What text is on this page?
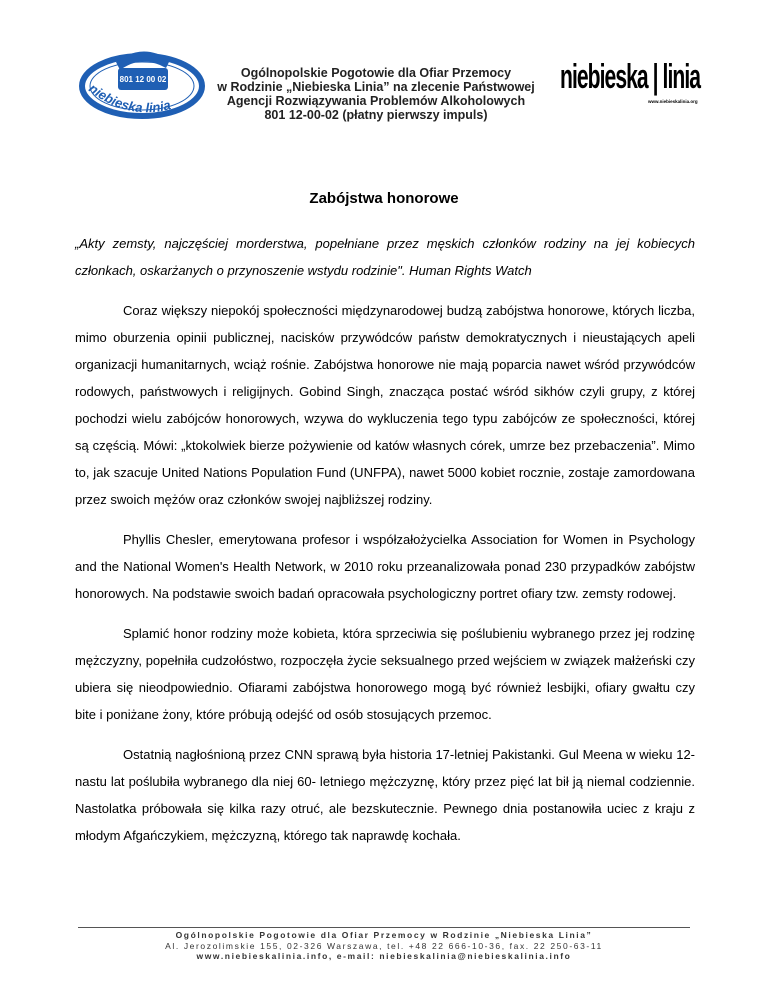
801 12 00 02
niebieska linia
Ogólnopolskie Pogotowie dla Ofiar Przemocy
w Rodzinie „Niebieska Linia” na zlecenie Państwowej
Agencji Rozwiązywania Problemów Alkoholowych
801 12-00-02 (płatny pierwszy impuls)
niebieska | linia
www.niebieskalinia.org
Zabójstwa honorowe

„Akty zemsty, najczęściej morderstwa, popełniane przez męskich członków rodziny na jej kobiecych członkach, oskarżanych o przynoszenie wstydu rodzinie". Human Rights Watch

Coraz większy niepokój społeczności międzynarodowej budzą zabójstwa honorowe, których liczba, mimo oburzenia opinii publicznej, nacisków przywódców państw demokratycznych i nieustających apeli organizacji humanitarnych, wciąż rośnie. Zabójstwa honorowe nie mają poparcia nawet wśród przywódców rodowych, państwowych i religijnych. Gobind Singh, znacząca postać wśród sikhów czyli grupy, z której pochodzi wielu zabójców honorowych, wzywa do wykluczenia tego typu zabójców ze społeczności, której są częścią. Mówi: „ktokolwiek bierze pożywienie od katów własnych córek, umrze bez przebaczenia”. Mimo to, jak szacuje United Nations Population Fund (UNFPA), nawet 5000 kobiet rocznie, zostaje zamordowana przez swoich mężów oraz członków swojej najbliższej rodziny.

Phyllis Chesler, emerytowana profesor i współzałożycielka Association for Women in Psychology and the National Women's Health Network, w 2010 roku przeanalizowała ponad 230 przypadków zabójstw honorowych. Na podstawie swoich badań opracowała psychologiczny portret ofiary tzw. zemsty rodowej.

Splamić honor rodziny może kobieta, która sprzeciwia się poślubieniu wybranego przez jej rodzinę mężczyzny, popełniła cudzołóstwo, rozpoczęła życie seksualnego przed wejściem w związek małżeński czy ubiera się nieodpowiednio. Ofiarami zabójstwa honorowego mogą być również lesbijki, ofiary gwałtu czy bite i poniżane żony, które próbują odejść od osób stosujących przemoc.

Ostatnią nagłośnioną przez CNN sprawą była historia 17-letniej Pakistanki. Gul Meena w wieku 12- nastu lat poślubiła wybranego dla niej 60- letniego mężczyznę, który przez pięć lat bił ją niemal codziennie. Nastolatka próbowała się kilka razy otruć, ale bezskutecznie. Pewnego dnia postanowiła uciec z kraju z młodym Afgańczykiem, mężczyzną, którego tak naprawdę kochała.

Ogólnopolskie Pogotowie dla Ofiar Przemocy w Rodzinie „Niebieska Linia”
Al. Jerozolimskie 155, 02-326 Warszawa, tel. +48 22 666-10-36, fax. 22 250-63-11
www.niebieskalinia.info, e-mail: niebieskalinia@niebieskalinia.info
